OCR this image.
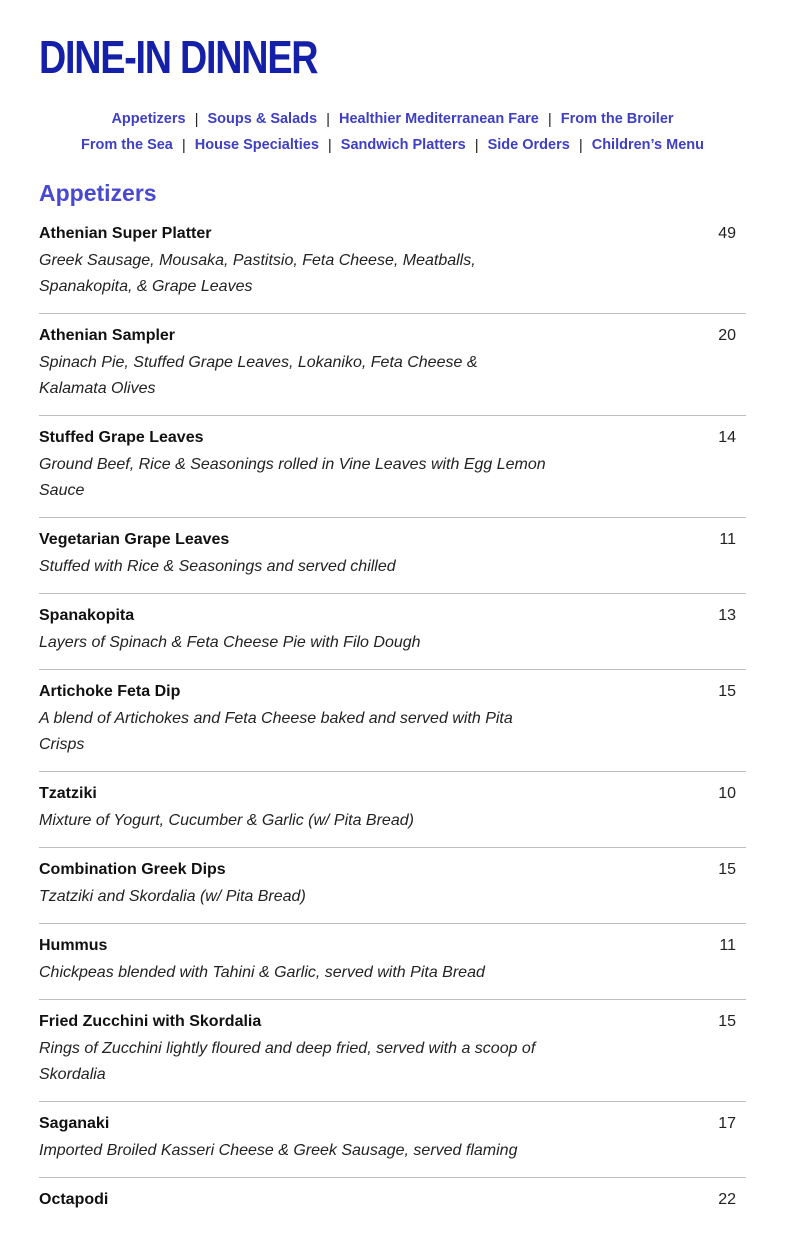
DINE-IN DINNER
Appetizers | Soups & Salads | Healthier Mediterranean Fare | From the Broiler
From the Sea | House Specialties | Sandwich Platters | Side Orders | Children’s Menu
Appetizers
Athenian Super Platter	49
Greek Sausage, Mousaka, Pastitsio, Feta Cheese, Meatballs, Spanakopita, & Grape Leaves
Athenian Sampler	20
Spinach Pie, Stuffed Grape Leaves, Lokaniko, Feta Cheese & Kalamata Olives
Stuffed Grape Leaves	14
Ground Beef, Rice & Seasonings rolled in Vine Leaves with Egg Lemon Sauce
Vegetarian Grape Leaves	11
Stuffed with Rice & Seasonings and served chilled
Spanakopita	13
Layers of Spinach & Feta Cheese Pie with Filo Dough
Artichoke Feta Dip	15
A blend of Artichokes and Feta Cheese baked and served with Pita Crisps
Tzatziki	10
Mixture of Yogurt, Cucumber & Garlic (w/ Pita Bread)
Combination Greek Dips	15
Tzatziki and Skordalia (w/ Pita Bread)
Hummus	11
Chickpeas blended with Tahini & Garlic, served with Pita Bread
Fried Zucchini with Skordalia	15
Rings of Zucchini lightly floured and deep fried, served with a scoop of Skordalia
Saganaki	17
Imported Broiled Kasseri Cheese & Greek Sausage, served flaming
Octapodi	22
